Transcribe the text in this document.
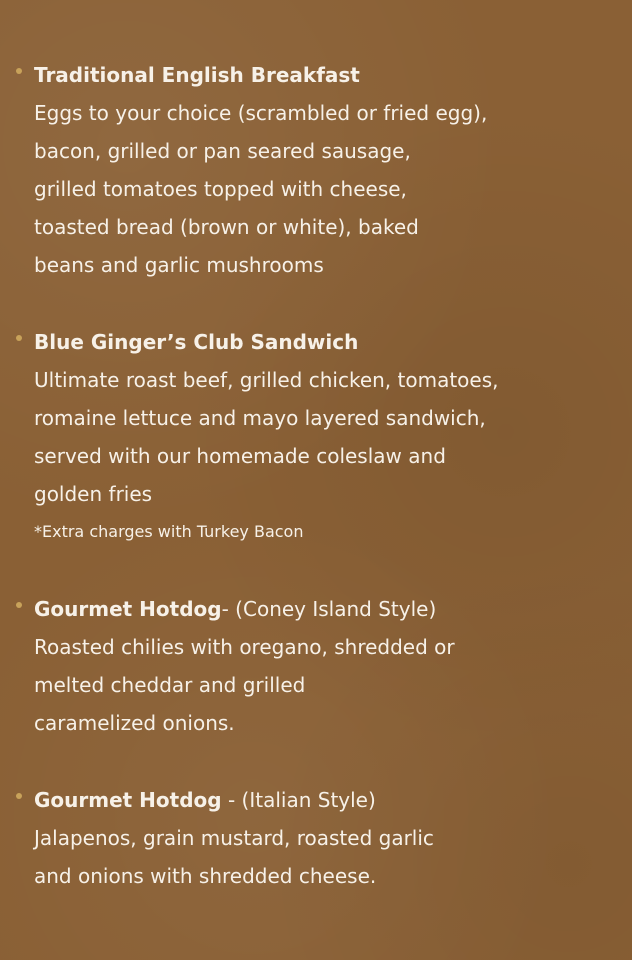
Traditional English Breakfast
Eggs to your choice (scrambled or fried egg),
bacon, grilled or pan seared sausage,
grilled tomatoes topped with cheese,
toasted bread (brown or white), baked
beans and garlic mushrooms
Blue Ginger’s Club Sandwich
Ultimate roast beef, grilled chicken, tomatoes,
romaine lettuce and mayo layered sandwich,
served with our homemade coleslaw and
golden fries
*Extra charges with Turkey Bacon
Gourmet Hotdog- (Coney Island Style)
Roasted chilies with oregano, shredded or
melted cheddar and grilled
caramelized onions.
Gourmet Hotdog - (Italian Style)
Jalapenos, grain mustard, roasted garlic
and onions with shredded cheese.
